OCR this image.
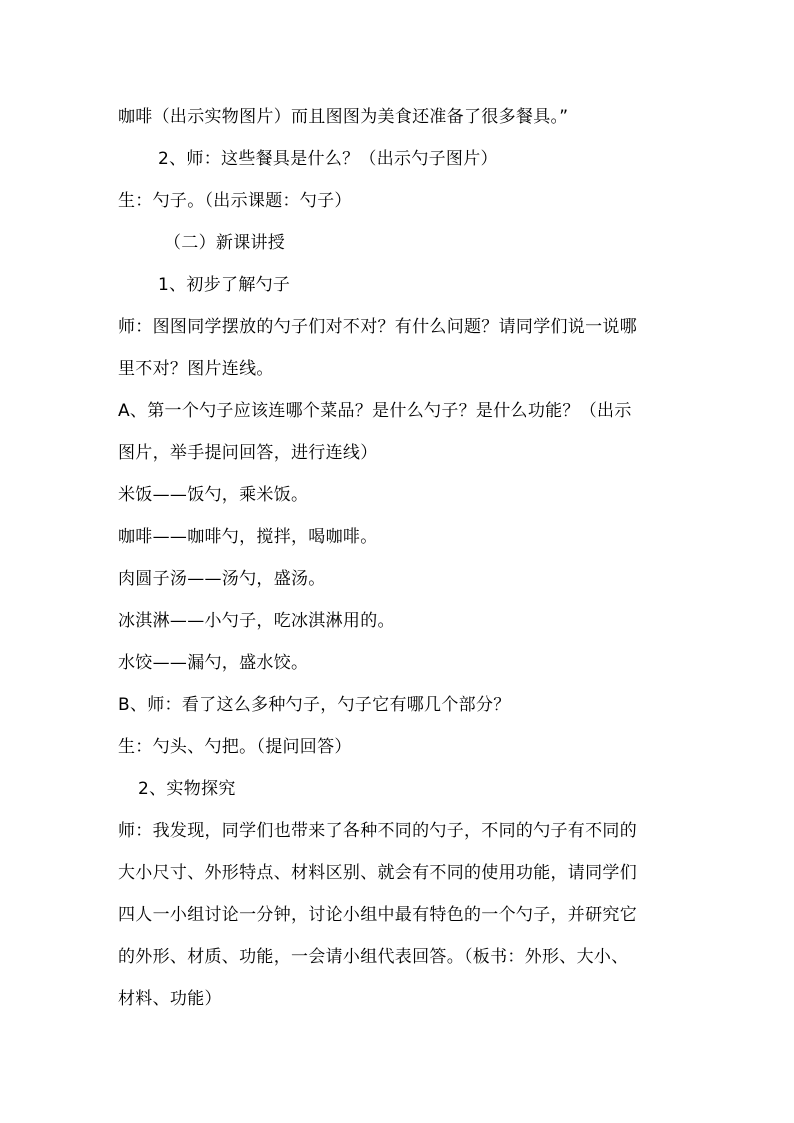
咖啡（出示实物图片）而且图图为美食还准备了很多餐具。”
2、师：这些餐具是什么？（出示勺子图片）
生：勺子。（出示课题：勺子）
（二）新课讲授
1、初步了解勺子
师：图图同学摆放的勺子们对不对？有什么问题？请同学们说一说哪
里不对？图片连线。
A、第一个勺子应该连哪个菜品？是什么勺子？是什么功能？（出示
图片，举手提问回答，进行连线）
米饭——饭勺，乘米饭。
咖啡——咖啡勺，搅拌，喝咖啡。
肉圆子汤——汤勺，盛汤。
冰淇淋——小勺子，吃冰淇淋用的。
水饺——漏勺，盛水饺。
B、师：看了这么多种勺子，勺子它有哪几个部分？
生：勺头、勺把。（提问回答）
2、实物探究
师：我发现，同学们也带来了各种不同的勺子，不同的勺子有不同的
大小尺寸、外形特点、材料区别、就会有不同的使用功能，请同学们
四人一小组讨论一分钟，讨论小组中最有特色的一个勺子，并研究它
的外形、材质、功能，一会请小组代表回答。（板书：外形、大小、
材料、功能）
